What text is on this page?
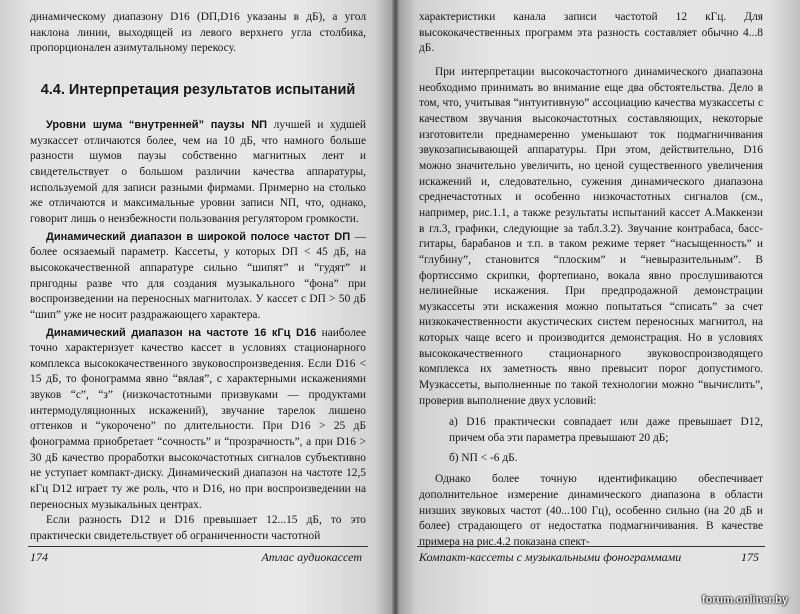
динамическому диапазону D16 (DП,D16 указаны в дБ), а угол наклона линии, выходящей из левого верхнего угла столбика, пропорционален азимутальному перекосу.

4.4. Интерпретация результатов испытаний

Уровни шума “внутренней” паузы NП лучшей и худшей музкассет отличаются более, чем на 10 дБ, что намного больше разности шумов паузы собственно магнитных лент и свидетельствует о большом различии качества аппаратуры, используемой для записи разными фирмами. Примерно на столько же отличаются и максимальные уровни записи NП, что, однако, говорит лишь о неизбежности пользования регулятором громкости.

Динамический диапазон в широкой полосе частот DП — более осязаемый параметр. Кассеты, у которых DП < 45 дБ, на высококачественной аппаратуре сильно “шипят” и “гудят” и пригодны разве что для создания музыкального “фона” при воспроизведении на переносных магнитолах. У кассет с DП > 50 дБ “шип” уже не носит раздражающего характера.

Динамический диапазон на частоте 16 кГц D16 наиболее точно характеризует качество кассет в условиях стационарного комплекса высококачественного звуковоспроизведения. Если D16 < 15 дБ, то фонограмма явно “вялая”, с характерными искажениями звуков “с”, “з” (низкочастотными призвуками — продуктами интермодуляционных искажений), звучание тарелок лишено оттенков и “укорочено” по длительности. При D16 > 25 дБ фонограмма приобретает “сочность” и “прозрачность”, а при D16 > 30 дБ качество проработки высокочастотных сигналов субъективно не уступает компакт-диску. Динамический диапазон на частоте 12,5 кГц D12 играет ту же роль, что и D16, но при воспроизведении на переносных музыкальных центрах.

Если разность D12 и D16 превышает 12...15 дБ, то это практически свидетельствует об ограниченности частотной

174	Атлас аудиокассет

характеристики канала записи частотой 12 кГц. Для высококачественных программ эта разность составляет обычно 4...8 дБ.

При интерпретации высокочастотного динамического диапазона необходимо принимать во внимание еще два обстоятельства. Дело в том, что, учитывая “интуитивную” ассоциацию качества музкассеты с качеством звучания высокочастотных составляющих, некоторые изготовители преднамеренно уменьшают ток подмагничивания звукозаписывающей аппаратуры. При этом, действительно, D16 можно значительно увеличить, но ценой существенного увеличения искажений и, следовательно, сужения динамического диапазона среднечастотных и особенно низкочастотных сигналов (см., например, рис.1.1, а также результаты испытаний кассет А.Маккензи в гл.3, графики, следующие за табл.3.2). Звучание контрабаса, басс-гитары, барабанов и т.п. в таком режиме теряет “насыщенность” и “глубину”, становится “плоским” и “невыразительным”. В фортиссимо скрипки, фортепиано, вокала явно прослушиваются нелинейные искажения. При предпродажной демонстрации музкассеты эти искажения можно попытаться “списать” за счет низкокачественности акустических систем переносных магнитол, на которых чаще всего и производится демонстрация. Но в условиях высококачественного стационарного звуковоспроизводящего комплекса их заметность явно превысит порог допустимого. Музкассеты, выполненные по такой технологии можно “вычислить”, проверив выполнение двух условий:

а) D16 практически совпадает или даже превышает D12, причем оба эти параметра превышают 20 дБ;

б) NП < -6 дБ.

Однако более точную идентификацию обеспечивает дополнительное измерение динамического диапазона в области низших звуковых частот (40...100 Гц), особенно сильно (на 20 дБ и более) страдающего от недостатка подмагничивания. В качестве примера на рис.4.2 показана спект-

Компакт-кассеты с музыкальными фонограммами	175
forum.onliner.by
